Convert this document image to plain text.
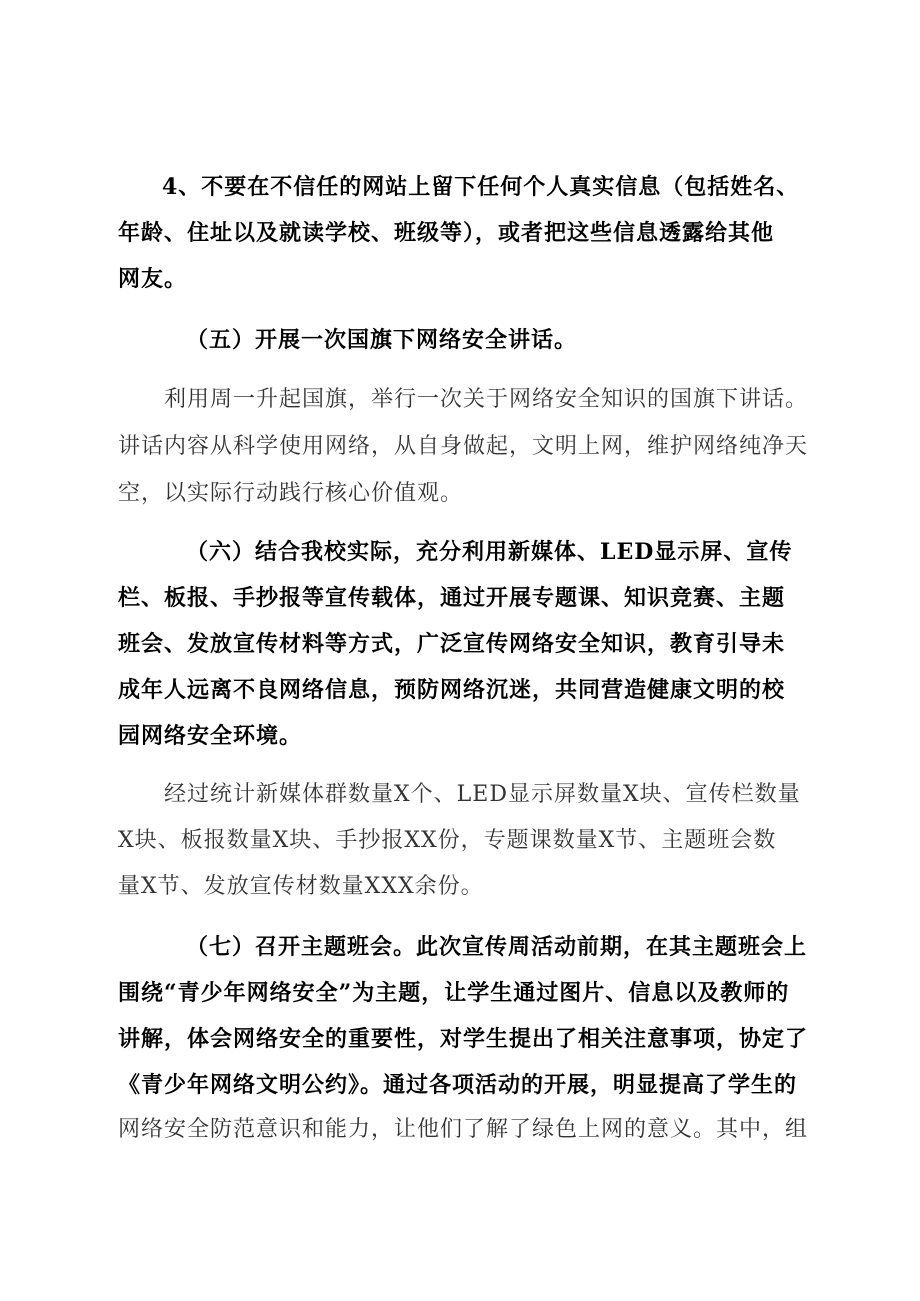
4、不要在不信任的网站上留下任何个人真实信息（包括姓名、
年龄、住址以及就读学校、班级等），或者把这些信息透露给其他
网友。
（五）开展一次国旗下网络安全讲话。
利用周一升起国旗，举行一次关于网络安全知识的国旗下讲话。
讲话内容从科学使用网络，从自身做起，文明上网，维护网络纯净天
空，以实际行动践行核心价值观。
（六）结合我校实际，充分利用新媒体、LED显示屏、宣传
栏、板报、手抄报等宣传载体，通过开展专题课、知识竞赛、主题
班会、发放宣传材料等方式，广泛宣传网络安全知识，教育引导未
成年人远离不良网络信息，预防网络沉迷，共同营造健康文明的校
园网络安全环境。
经过统计新媒体群数量X个、LED显示屏数量X块、宣传栏数量
X块、板报数量X块、手抄报XX份，专题课数量X节、主题班会数
量X节、发放宣传材数量XXX余份。
（七）召开主题班会。此次宣传周活动前期，在其主题班会上
围绕“青少年网络安全”为主题，让学生通过图片、信息以及教师的
讲解，体会网络安全的重要性，对学生提出了相关注意事项，协定了
《青少年网络文明公约》。通过各项活动的开展，明显提高了学生的
网络安全防范意识和能力，让他们了解了绿色上网的意义。其中，组
